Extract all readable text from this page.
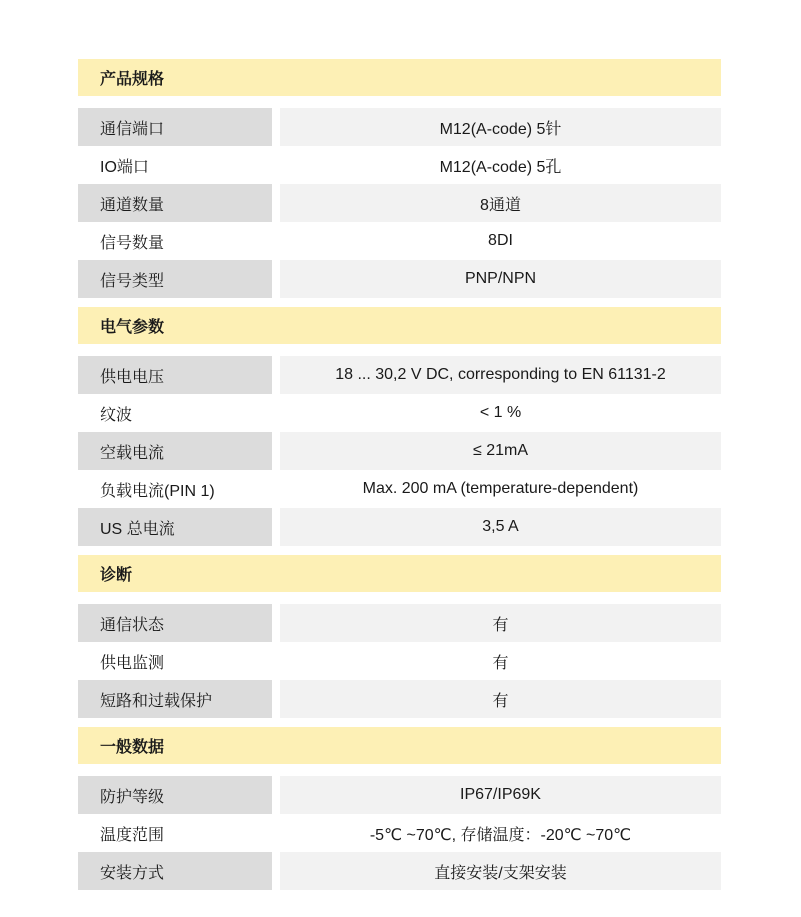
产品规格
通信端口	M12(A-code) 5针
IO端口	M12(A-code) 5孔
通道数量	8通道
信号数量	8DI
信号类型	PNP/NPN
电气参数
供电电压	18 ... 30,2 V DC, corresponding to EN 61131-2
纹波	< 1 %
空载电流	≤ 21mA
负载电流(PIN 1)	Max. 200 mA (temperature-dependent)
US 总电流	3,5 A
诊断
通信状态	有
供电监测	有
短路和过载保护	有
一般数据
防护等级	IP67/IP69K
温度范围	-5℃ ~70℃, 存储温度：-20℃ ~70℃
安装方式	直接安装/支架安装
